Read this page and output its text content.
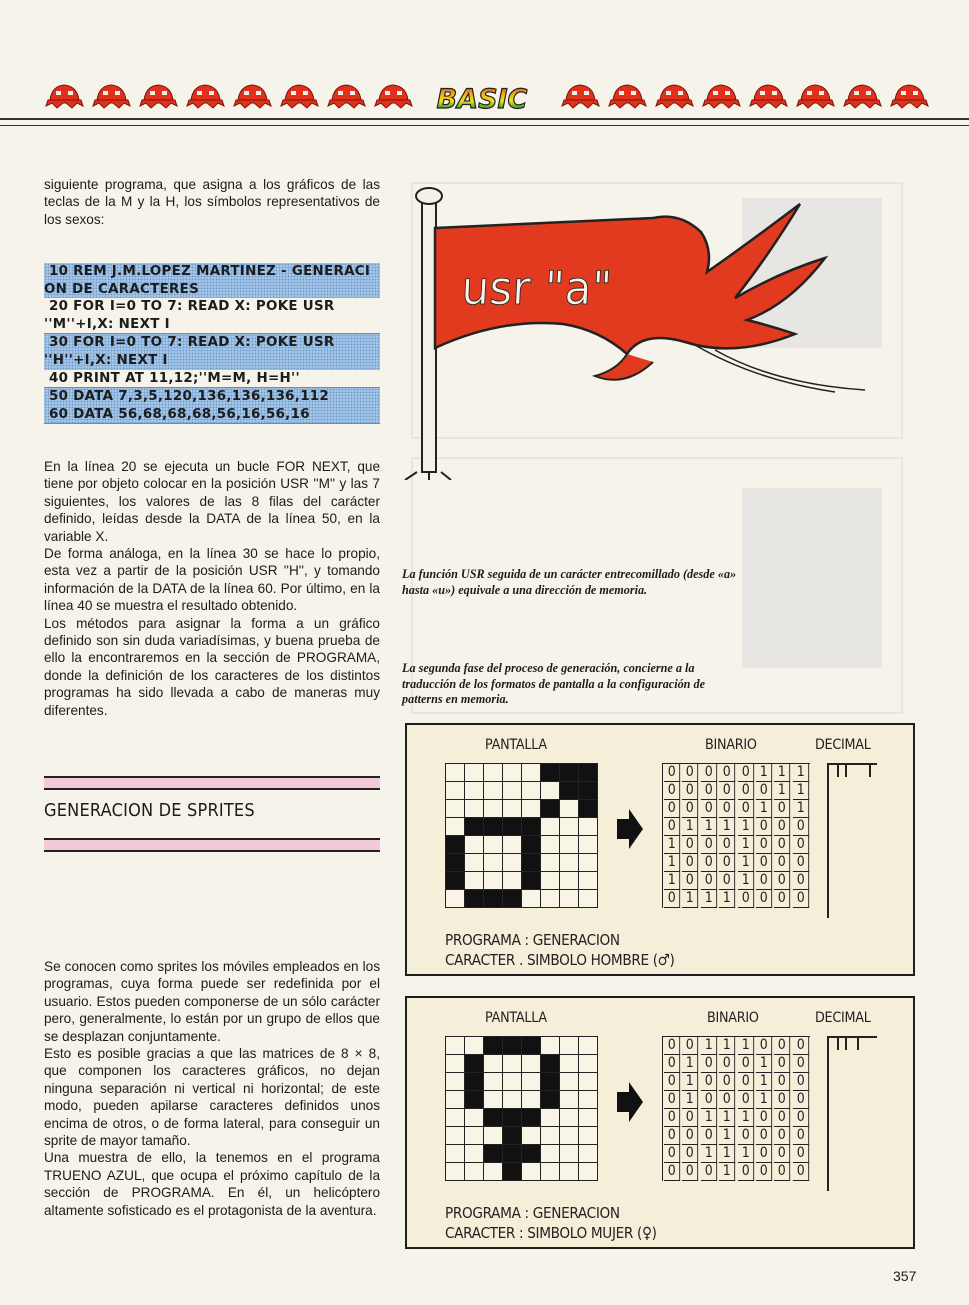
BASIC

siguiente programa, que asigna a los gráficos de las teclas de la M y la H, los símbolos representativos de los sexos:

10 REM J.M.LOPEZ MARTINEZ - GENERACION DE CARACTERES
20 FOR I=0 TO 7: READ X: POKE USR ''M''+I,X: NEXT I
30 FOR I=0 TO 7: READ X: POKE USR ''H''+I,X: NEXT I
40 PRINT AT 11,12;''M=M, H=H''
50 DATA 7,3,5,120,136,136,136,112
60 DATA 56,68,68,68,56,16,56,16

En la línea 20 se ejecuta un bucle FOR NEXT, que tiene por objeto colocar en la posición USR ''M'' y las 7 siguientes, los valores de las 8 filas del carácter definido, leídas desde la DATA de la línea 50, en la variable X.

De forma análoga, en la línea 30 se hace lo propio, esta vez a partir de la posición USR ''H'', y tomando información de la DATA de la línea 60. Por último, en la línea 40 se muestra el resultado obtenido.

Los métodos para asignar la forma a un gráfico definido son sin duda variadísimas, y buena prueba de ello la encontraremos en la sección de PROGRAMA, donde la definición de los caracteres de los distintos programas ha sido llevada a cabo de maneras muy diferentes.

GENERACION DE SPRITES

Se conocen como sprites los móviles empleados en los programas, cuya forma puede ser redefinida por el usuario. Estos pueden componerse de un sólo carácter pero, generalmente, lo están por un grupo de ellos que se desplazan conjuntamente.

Esto es posible gracias a que las matrices de 8 × 8, que componen los caracteres gráficos, no dejan ninguna separación ni vertical ni horizontal; de este modo, pueden apilarse caracteres definidos unos encima de otros, o de forma lateral, para conseguir un sprite de mayor tamaño.

Una muestra de ello, la tenemos en el programa TRUENO AZUL, que ocupa el próximo capítulo de la sección de PROGRAMA. En él, un helicóptero altamente sofisticado es el protagonista de la aventura.

usr "a"
La función USR seguida de un carácter entrecomillado (desde «a» hasta «u») equivale a una dirección de memoria.
La segunda fase del proceso de generación, concierne a la traducción de los formatos de pantalla a la configuración de patterns en memoria.
PANTALLA	BINARIO	DECIMAL
0 0 0 0 0 1 1 1
0 0 0 0 0 0 1 1
0 0 0 0 0 1 0 1
0 1 1 1 1 0 0 0
1 0 0 0 1 0 0 0
1 0 0 0 1 0 0 0
1 0 0 0 1 0 0 0
0 1 1 1 0 0 0 0
PROGRAMA : GENERACION
CARACTER . SIMBOLO HOMBRE (♂)
PANTALLA	BINARIO	DECIMAL
0 0 1 1 1 0 0 0
0 1 0 0 0 1 0 0
0 1 0 0 0 1 0 0
0 1 0 0 0 1 0 0
0 0 1 1 1 0 0 0
0 0 0 1 0 0 0 0
0 0 1 1 1 0 0 0
0 0 0 1 0 0 0 0
PROGRAMA : GENERACION
CARACTER : SIMBOLO MUJER (♀)
357
